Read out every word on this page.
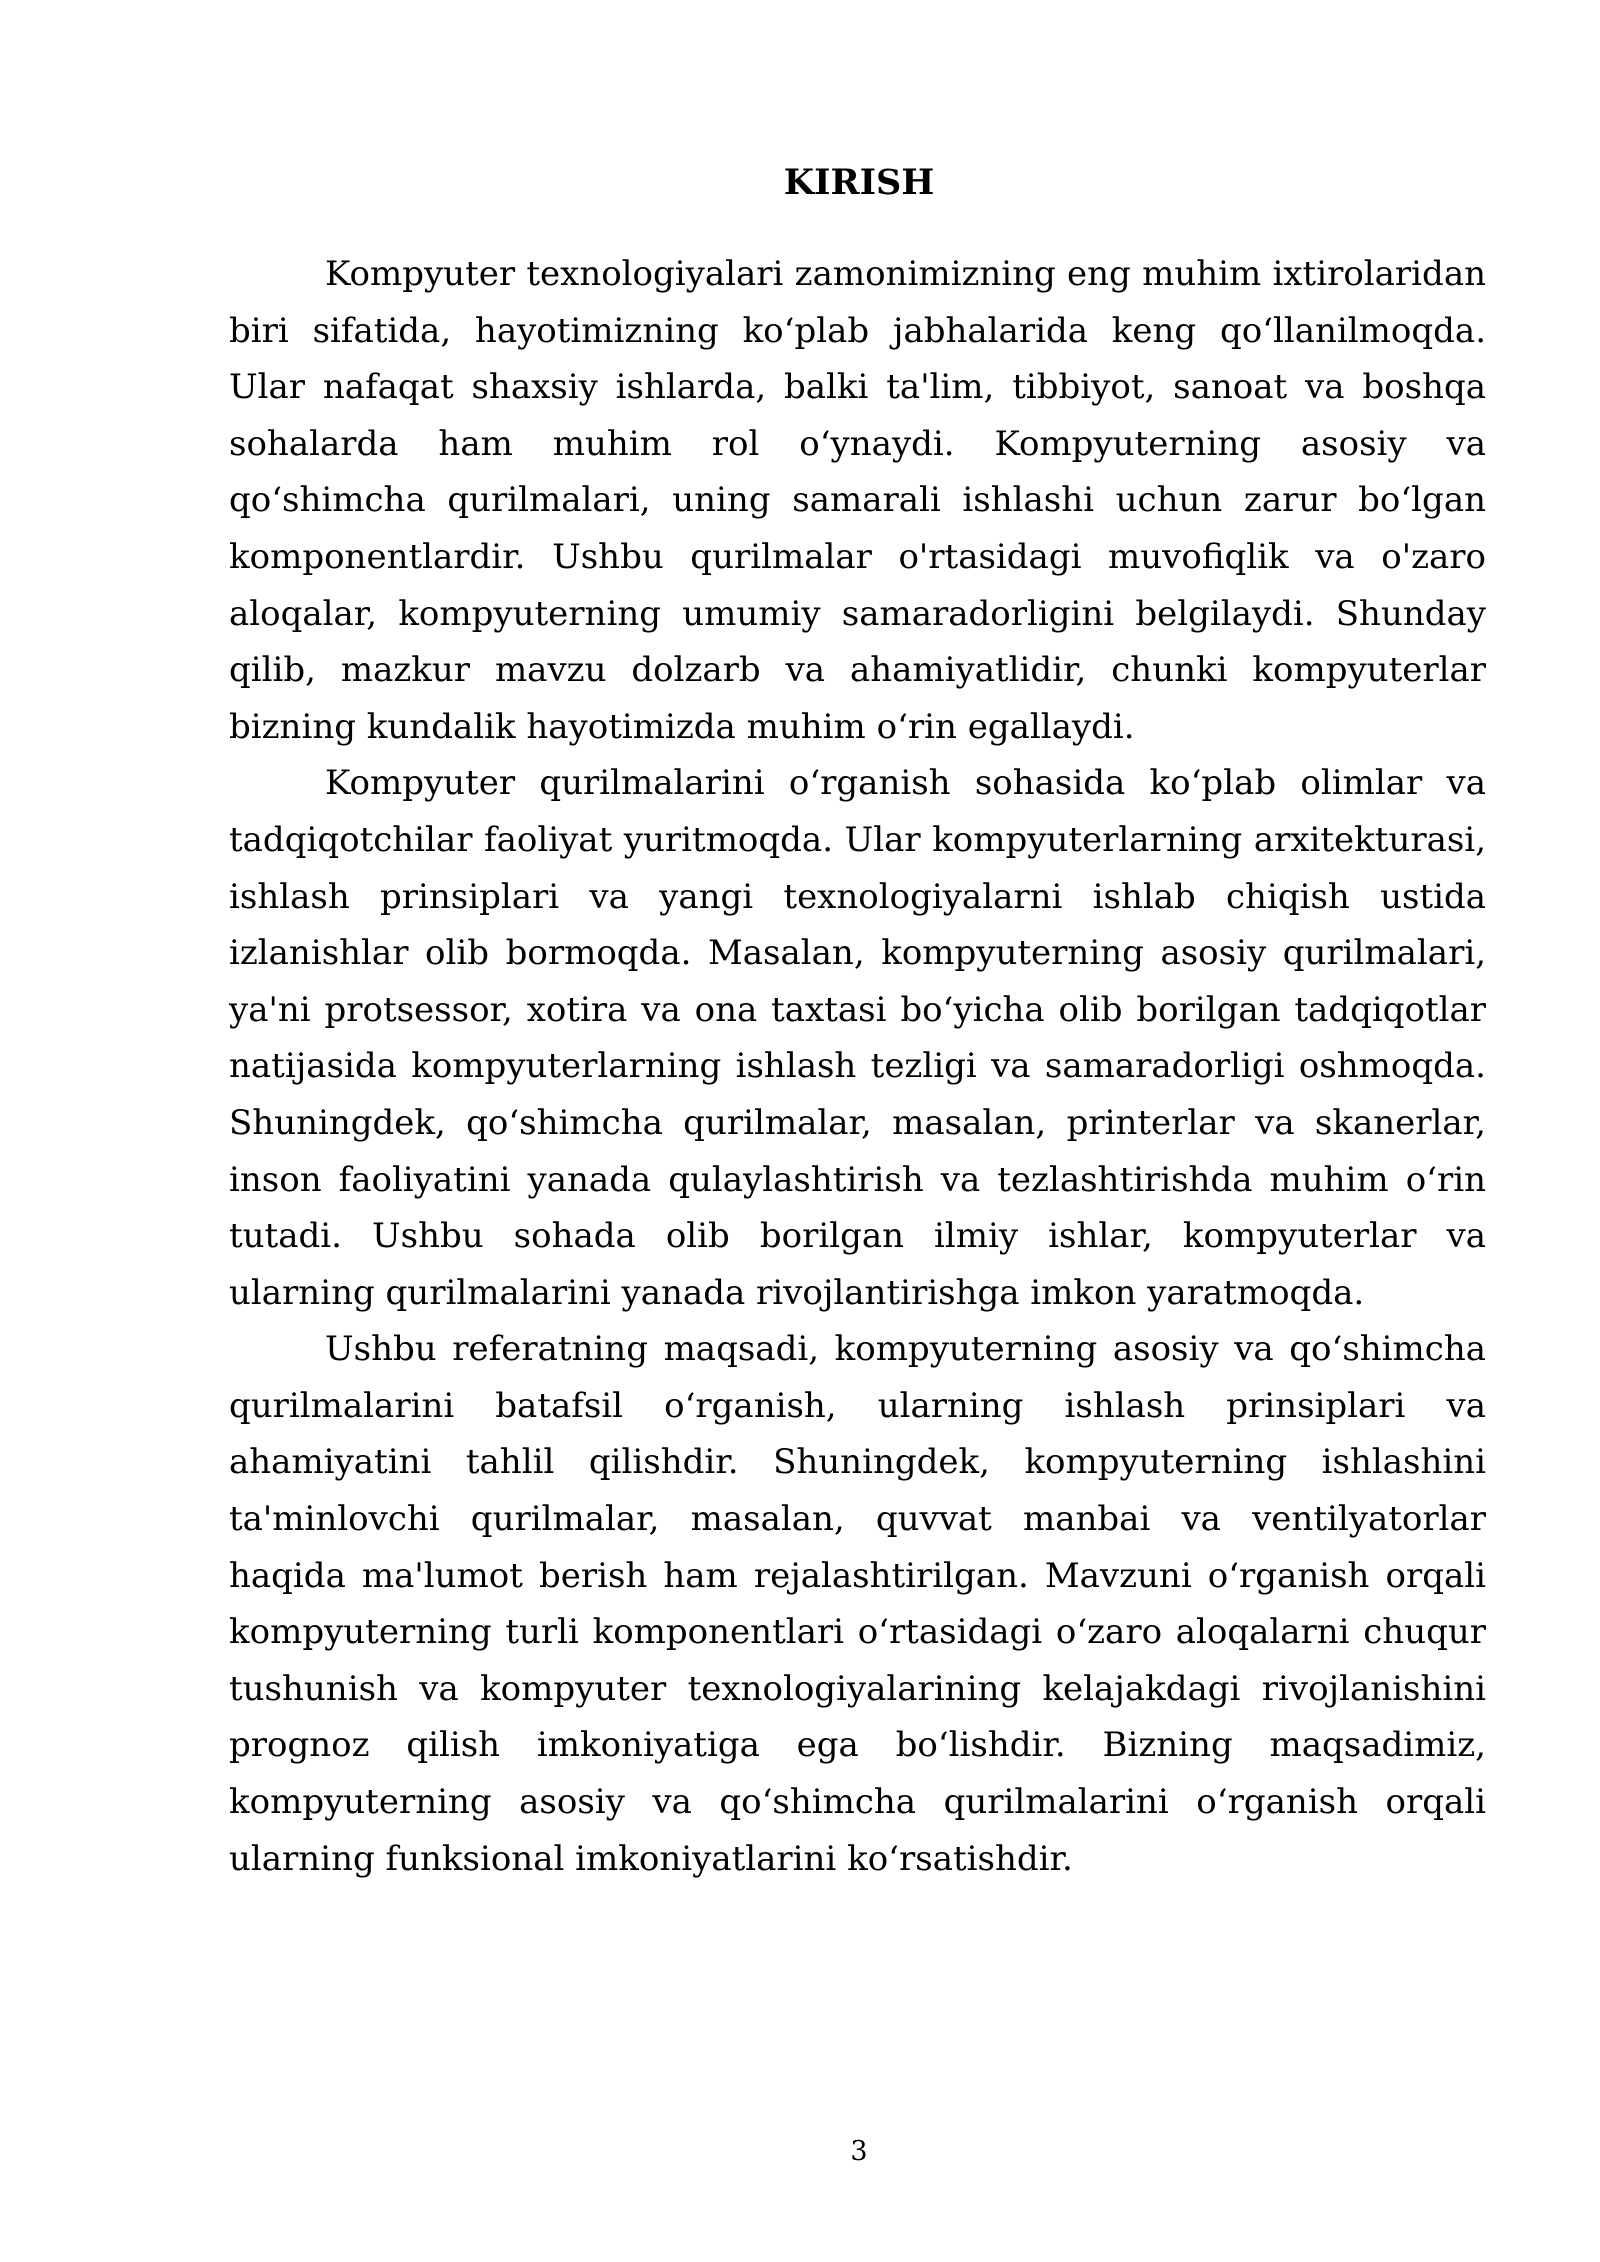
KIRISH

Kompyuter texnologiyalari zamonimizning eng muhim ixtirolaridan biri sifatida, hayotimizning ko‘plab jabhalarida keng qo‘llanilmoqda. Ular nafaqat shaxsiy ishlarda, balki ta'lim, tibbiyot, sanoat va boshqa sohalarda ham muhim rol o‘ynaydi. Kompyuterning asosiy va qo‘shimcha qurilmalari, uning samarali ishlashi uchun zarur bo‘lgan komponentlardir. Ushbu qurilmalar o'rtasidagi muvofiqlik va o'zaro aloqalar, kompyuterning umumiy samaradorligini belgilaydi. Shunday qilib, mazkur mavzu dolzarb va ahamiyatlidir, chunki kompyuterlar bizning kundalik hayotimizda muhim o‘rin egallaydi.

Kompyuter qurilmalarini o‘rganish sohasida ko‘plab olimlar va tadqiqotchilar faoliyat yuritmoqda. Ular kompyuterlarning arxitekturasi, ishlash prinsiplari va yangi texnologiyalarni ishlab chiqish ustida izlanishlar olib bormoqda. Masalan, kompyuterning asosiy qurilmalari, ya'ni protsessor, xotira va ona taxtasi bo‘yicha olib borilgan tadqiqotlar natijasida kompyuterlarning ishlash tezligi va samaradorligi oshmoqda. Shuningdek, qo‘shimcha qurilmalar, masalan, printerlar va skanerlar, inson faoliyatini yanada qulaylashtirish va tezlashtirishda muhim o‘rin tutadi. Ushbu sohada olib borilgan ilmiy ishlar, kompyuterlar va ularning qurilmalarini yanada rivojlantirishga imkon yaratmoqda.

Ushbu referatning maqsadi, kompyuterning asosiy va qo‘shimcha qurilmalarini batafsil o‘rganish, ularning ishlash prinsiplari va ahamiyatini tahlil qilishdir. Shuningdek, kompyuterning ishlashini ta'minlovchi qurilmalar, masalan, quvvat manbai va ventilyatorlar haqida ma'lumot berish ham rejalashtirilgan. Mavzuni o‘rganish orqali kompyuterning turli komponentlari o‘rtasidagi o‘zaro aloqalarni chuqur tushunish va kompyuter texnologiyalarining kelajakdagi rivojlanishini prognoz qilish imkoniyatiga ega bo‘lishdir. Bizning maqsadimiz, kompyuterning asosiy va qo‘shimcha qurilmalarini o‘rganish orqali ularning funksional imkoniyatlarini ko‘rsatishdir.

3
